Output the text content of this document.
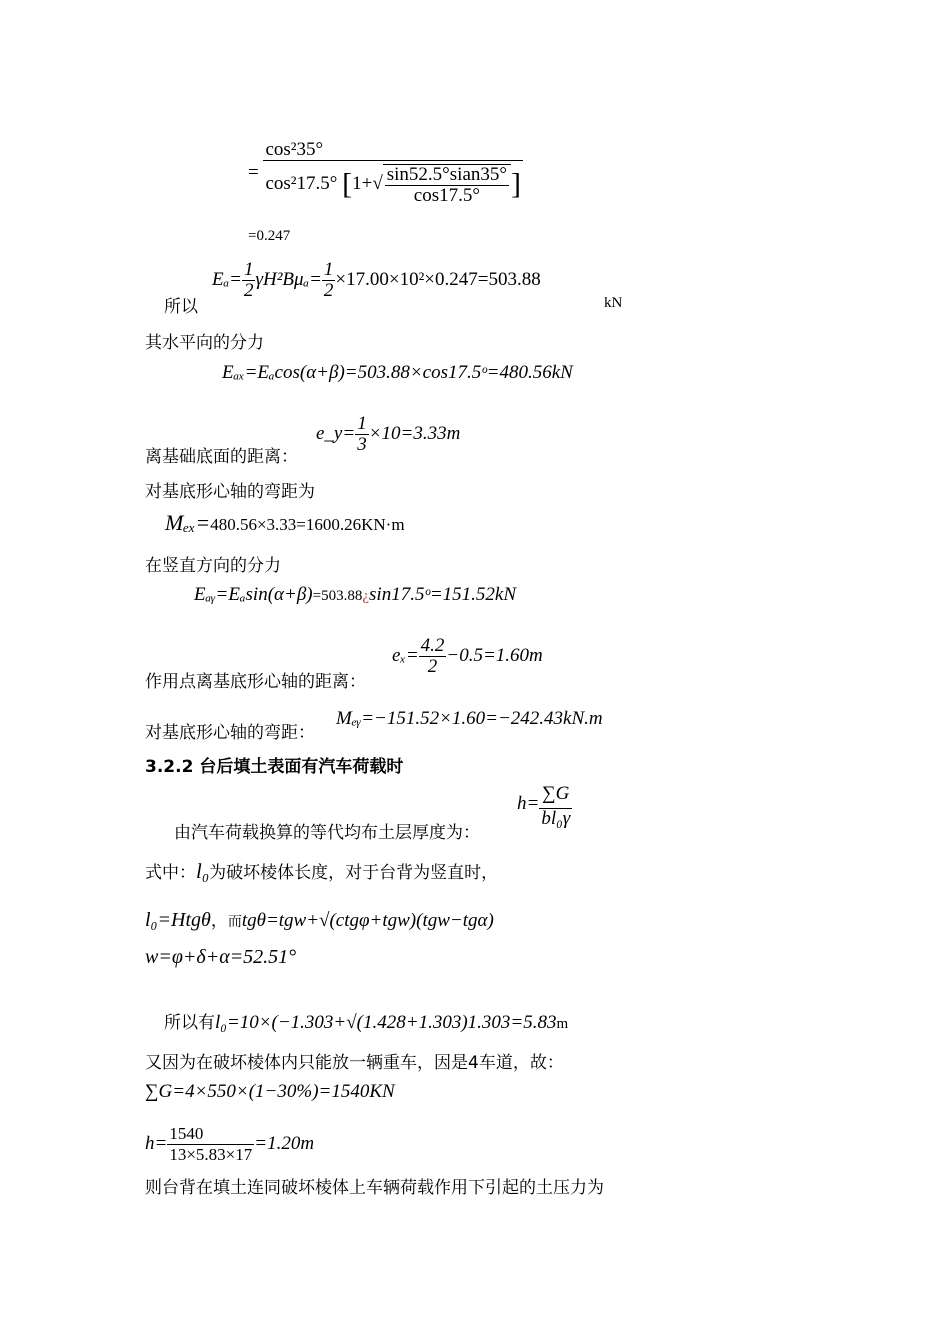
=
cos²35°
cos²17.5° [$1+√ \frac{\text{sin52.5°sian35°}}{\cos 17.5^\circ}$ ]
=0.247
所以
$E_a= \frac{1}{2} \gamma H^2B\mu_a= \frac{1}{2} \times 17.00\times 10^2\times 0.247=503.88$
kN
其水平向的分力
Eₐₓ=Eₐcos(α+β)=503.88×cos17.5ᵒ=480.56kN
离基础底面的距离：
e_y= $\frac{1}{3} \times 10=3.33m$
对基底形心轴的弯距为
Mₑₓ=480.56×3.33=1600.26KN·m
在竖直方向的分力
Eₐᵧ=Eₐsin(α+β)=503.88¿sin17.5ᵒ=151.52kN
作用点离基底形心轴的距离：
$e_x= \frac{4.2}{2} -0.5=1.60m$
对基底形心轴的弯距：
Mₑᵧ=−151.52×1.60=−242.43kN.m
3.2.2 台后填土表面有汽车荷载时
由汽车荷载换算的等代均布土层厚度为：
$h= \frac{\sum G}{\text{bl₀γ}}$
式中：l₀为破坏棱体长度，对于台背为竖直时，
l₀=Htgθ，而tgθ=tgw+√(ctgφ+tgw)(tgw−tgα)
w=φ+δ+α=52.51°
所以有l₀=10×(−1.303+√(1.428+1.303)1.303=5.83m
又因为在破坏棱体内只能放一辆重车，因是4车道，故：
∑G=4×550×(1−30%)=1540KN
$h= \frac{1540}{13\times 5.83\times 17} =1.20m$
则台背在填土连同破坏棱体上车辆荷载作用下引起的土压力为
